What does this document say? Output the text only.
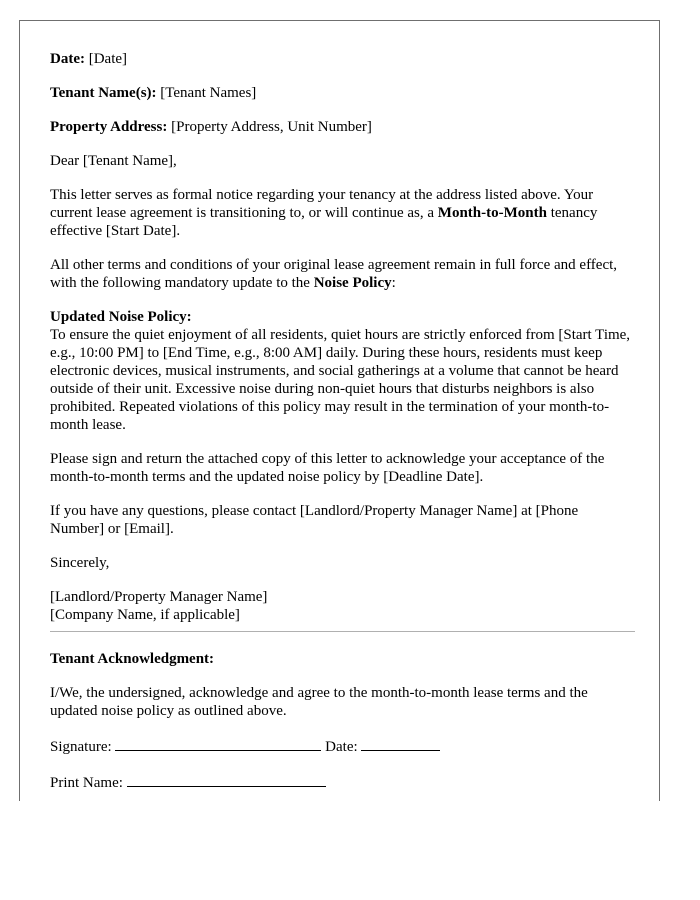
Date: [Date]

Tenant Name(s): [Tenant Names]

Property Address: [Property Address, Unit Number]

Dear [Tenant Name],

This letter serves as formal notice regarding your tenancy at the address listed above. Your current lease agreement is transitioning to, or will continue as, a Month-to-Month tenancy effective [Start Date].

All other terms and conditions of your original lease agreement remain in full force and effect, with the following mandatory update to the Noise Policy:

Updated Noise Policy:

To ensure the quiet enjoyment of all residents, quiet hours are strictly enforced from [Start Time, e.g., 10:00 PM] to [End Time, e.g., 8:00 AM] daily. During these hours, residents must keep electronic devices, musical instruments, and social gatherings at a volume that cannot be heard outside of their unit. Excessive noise during non-quiet hours that disturbs neighbors is also prohibited. Repeated violations of this policy may result in the termination of your month-to-month lease.

Please sign and return the attached copy of this letter to acknowledge your acceptance of the month-to-month terms and the updated noise policy by [Deadline Date].

If you have any questions, please contact [Landlord/Property Manager Name] at [Phone Number] or [Email].

Sincerely,

[Landlord/Property Manager Name]
[Company Name, if applicable]

Tenant Acknowledgment:

I/We, the undersigned, acknowledge and agree to the month-to-month lease terms and the updated noise policy as outlined above.

Signature:	Date:

Print Name:
